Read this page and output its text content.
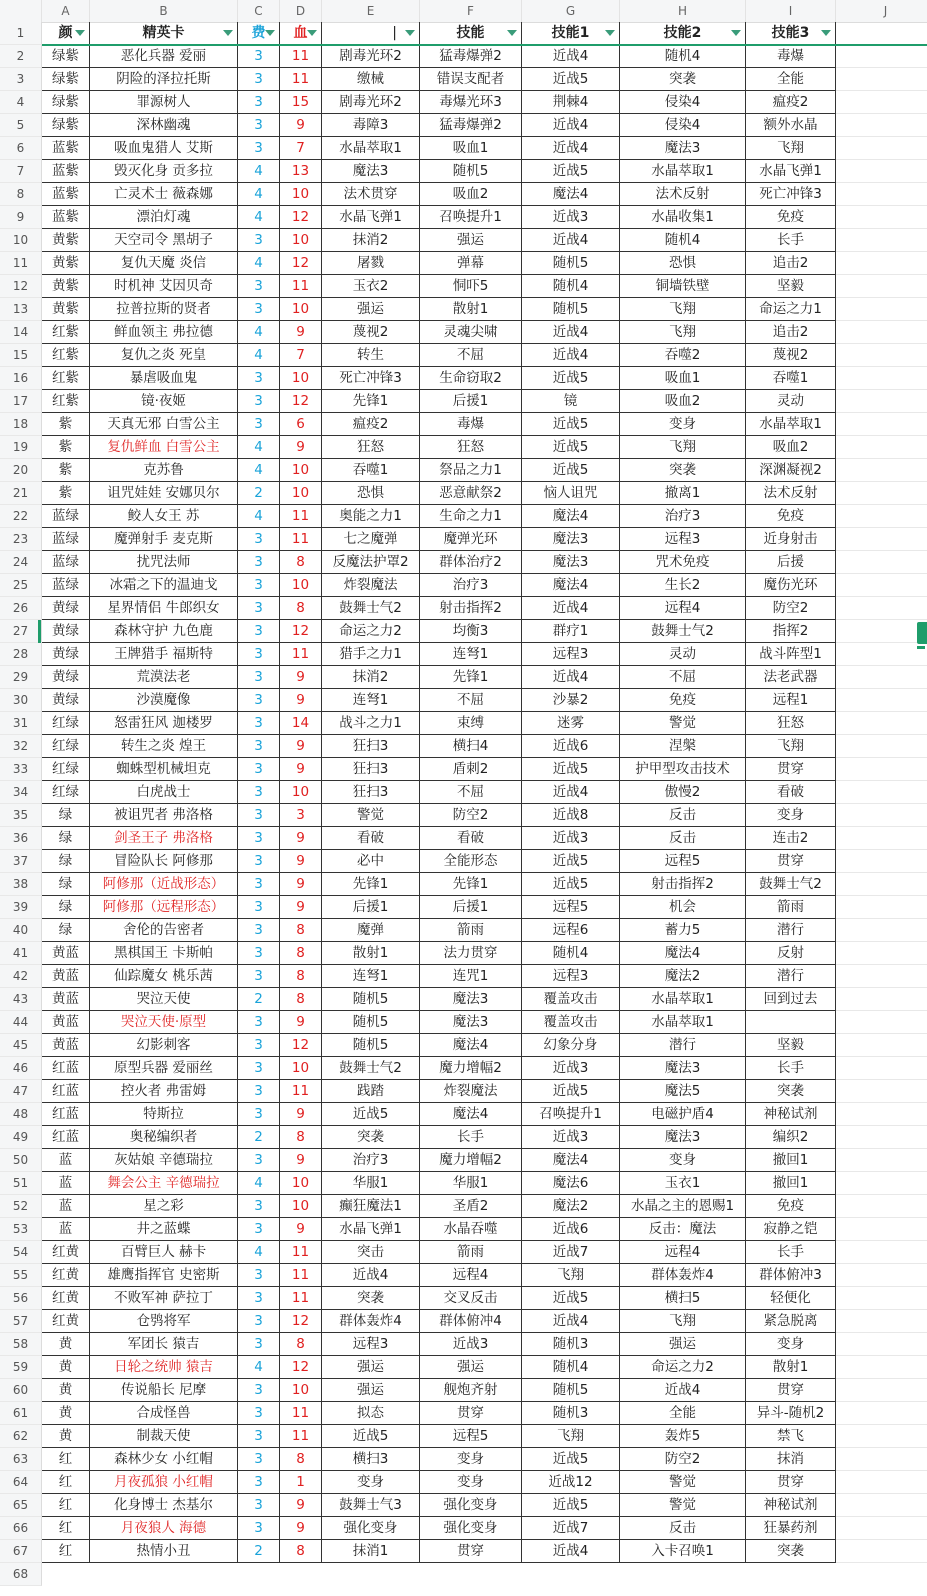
A	B	C	D	E	F	G	H	I	J
1
2
3
4
5
6
7
8
9
10
11
12
13
14
15
16
17
18
19
20
21
22
23
24
25
26
27
28
29
30
31
32
33
34
35
36
37
38
39
40
41
42
43
44
45
46
47
48
49
50
51
52
53
54
55
56
57
58
59
60
61
62
63
64
65
66
67
68
颜	精英卡	费	血	|	技能	技能1	技能2	技能3
绿紫	恶化兵器 爱丽	3	11	剧毒光环2	猛毒爆弹2	近战4	随机4	毒爆
绿紫	阴险的泽拉托斯	3	11	缴械	错误支配者	近战5	突袭	全能
绿紫	罪源树人	3	15	剧毒光环2	毒爆光环3	荆棘4	侵染4	瘟疫2
绿紫	深林幽魂	3	9	毒障3	猛毒爆弹2	近战4	侵染4	额外水晶
蓝紫	吸血鬼猎人 艾斯	3	7	水晶萃取1	吸血1	近战4	魔法3	飞翔
蓝紫	毁灭化身 贡多拉	4	13	魔法3	随机5	近战5	水晶萃取1	水晶飞弹1
蓝紫	亡灵术士 薇森娜	4	10	法术贯穿	吸血2	魔法4	法术反射	死亡冲锋3
蓝紫	漂泊灯魂	4	12	水晶飞弹1	召唤提升1	近战3	水晶收集1	免疫
黄紫	天空司令 黑胡子	3	10	抹消2	强运	近战4	随机4	长手
黄紫	复仇天魔 炎信	4	12	屠戮	弹幕	随机5	恐惧	追击2
黄紫	时机神 艾因贝奇	3	11	玉衣2	恫吓5	随机4	铜墙铁壁	坚毅
黄紫	拉普拉斯的贤者	3	10	强运	散射1	随机5	飞翔	命运之力1
红紫	鲜血领主 弗拉德	4	9	蔑视2	灵魂尖啸	近战4	飞翔	追击2
红紫	复仇之炎 死皇	4	7	转生	不屈	近战4	吞噬2	蔑视2
红紫	暴虐吸血鬼	3	10	死亡冲锋3	生命窃取2	近战5	吸血1	吞噬1
红紫	镜·夜姬	3	12	先锋1	后援1	镜	吸血2	灵动
紫	天真无邪 白雪公主	3	6	瘟疫2	毒爆	近战5	变身	水晶萃取1
紫	复仇鲜血 白雪公主	4	9	狂怒	狂怒	近战5	飞翔	吸血2
紫	克苏鲁	4	10	吞噬1	祭品之力1	近战5	突袭	深渊凝视2
紫	诅咒娃娃 安娜贝尔	2	10	恐惧	恶意献祭2	恼人诅咒	撤离1	法术反射
蓝绿	鲛人女王 苏	4	11	奥能之力1	生命之力1	魔法4	治疗3	免疫
蓝绿	魔弹射手 麦克斯	3	11	七之魔弹	魔弹光环	魔法3	远程3	近身射击
蓝绿	扰咒法师	3	8	反魔法护罩2	群体治疗2	魔法3	咒术免疫	后援
蓝绿	冰霜之下的温迪戈	3	10	炸裂魔法	治疗3	魔法4	生长2	魔伤光环
黄绿	星界情侣 牛郎织女	3	8	鼓舞士气2	射击指挥2	近战4	远程4	防空2
黄绿	森林守护 九色鹿	3	12	命运之力2	均衡3	群疗1	鼓舞士气2	指挥2
黄绿	王牌猎手 福斯特	3	11	猎手之力1	连弩1	远程3	灵动	战斗阵型1
黄绿	荒漠法老	3	9	抹消2	先锋1	近战4	不屈	法老武器
黄绿	沙漠魔像	3	9	连弩1	不屈	沙暴2	免疫	远程1
红绿	怒雷狂风 迦楼罗	3	14	战斗之力1	束缚	迷雾	警觉	狂怒
红绿	转生之炎 煌王	3	9	狂扫3	横扫4	近战6	涅槃	飞翔
红绿	蜘蛛型机械坦克	3	9	狂扫3	盾刺2	近战5	护甲型攻击技术	贯穿
红绿	白虎战士	3	10	狂扫3	不屈	近战4	傲慢2	看破
绿	被诅咒者 弗洛格	3	3	警觉	防空2	近战8	反击	变身
绿	剑圣王子 弗洛格	3	9	看破	看破	近战3	反击	连击2
绿	冒险队长 阿修那	3	9	必中	全能形态	近战5	远程5	贯穿
绿	阿修那（近战形态）	3	9	先锋1	先锋1	近战5	射击指挥2	鼓舞士气2
绿	阿修那（远程形态）	3	9	后援1	后援1	远程5	机会	箭雨
绿	舍伦的告密者	3	8	魔弹	箭雨	远程6	蓄力5	潜行
黄蓝	黑棋国王 卡斯帕	3	8	散射1	法力贯穿	随机4	魔法4	反射
黄蓝	仙踪魔女 桃乐茜	3	8	连弩1	连咒1	远程3	魔法2	潜行
黄蓝	哭泣天使	2	8	随机5	魔法3	覆盖攻击	水晶萃取1	回到过去
黄蓝	哭泣天使·原型	3	9	随机5	魔法3	覆盖攻击	水晶萃取1
黄蓝	幻影刺客	3	12	随机5	魔法4	幻象分身	潜行	坚毅
红蓝	原型兵器 爱丽丝	3	10	鼓舞士气2	魔力增幅2	近战3	魔法3	长手
红蓝	控火者 弗雷姆	3	11	践踏	炸裂魔法	近战5	魔法5	突袭
红蓝	特斯拉	3	9	近战5	魔法4	召唤提升1	电磁护盾4	神秘试剂
红蓝	奥秘编织者	2	8	突袭	长手	近战3	魔法3	编织2
蓝	灰姑娘 辛德瑞拉	3	9	治疗3	魔力增幅2	魔法4	变身	撤回1
蓝	舞会公主 辛德瑞拉	4	10	华服1	华服1	魔法6	玉衣1	撤回1
蓝	星之彩	3	10	癫狂魔法1	圣盾2	魔法2	水晶之主的恩赐1	免疫
蓝	井之蓝蝶	3	9	水晶飞弹1	水晶吞噬	近战6	反击：魔法	寂静之铠
红黄	百臂巨人 赫卡	4	11	突击	箭雨	近战7	远程4	长手
红黄	雄鹰指挥官 史密斯	3	11	近战4	远程4	飞翔	群体轰炸4	群体俯冲3
红黄	不败军神 萨拉丁	3	11	突袭	交叉反击	近战5	横扫5	轻便化
红黄	仓鸮将军	3	12	群体轰炸4	群体俯冲4	近战4	飞翔	紧急脱离
黄	军团长 猿吉	3	8	远程3	近战3	随机3	强运	变身
黄	日轮之统帅 猿吉	4	12	强运	强运	随机4	命运之力2	散射1
黄	传说船长 尼摩	3	10	强运	舰炮齐射	随机5	近战4	贯穿
黄	合成怪兽	3	11	拟态	贯穿	随机3	全能	异斗-随机2
黄	制裁天使	3	11	近战5	远程5	飞翔	轰炸5	禁飞
红	森林少女 小红帽	3	8	横扫3	变身	近战5	防空2	抹消
红	月夜孤狼 小红帽	3	1	变身	变身	近战12	警觉	贯穿
红	化身博士 杰基尔	3	9	鼓舞士气3	强化变身	近战5	警觉	神秘试剂
红	月夜狼人 海德	3	9	强化变身	强化变身	近战7	反击	狂暴药剂
红	热情小丑	2	8	抹消1	贯穿	近战4	入卡召唤1	突袭
